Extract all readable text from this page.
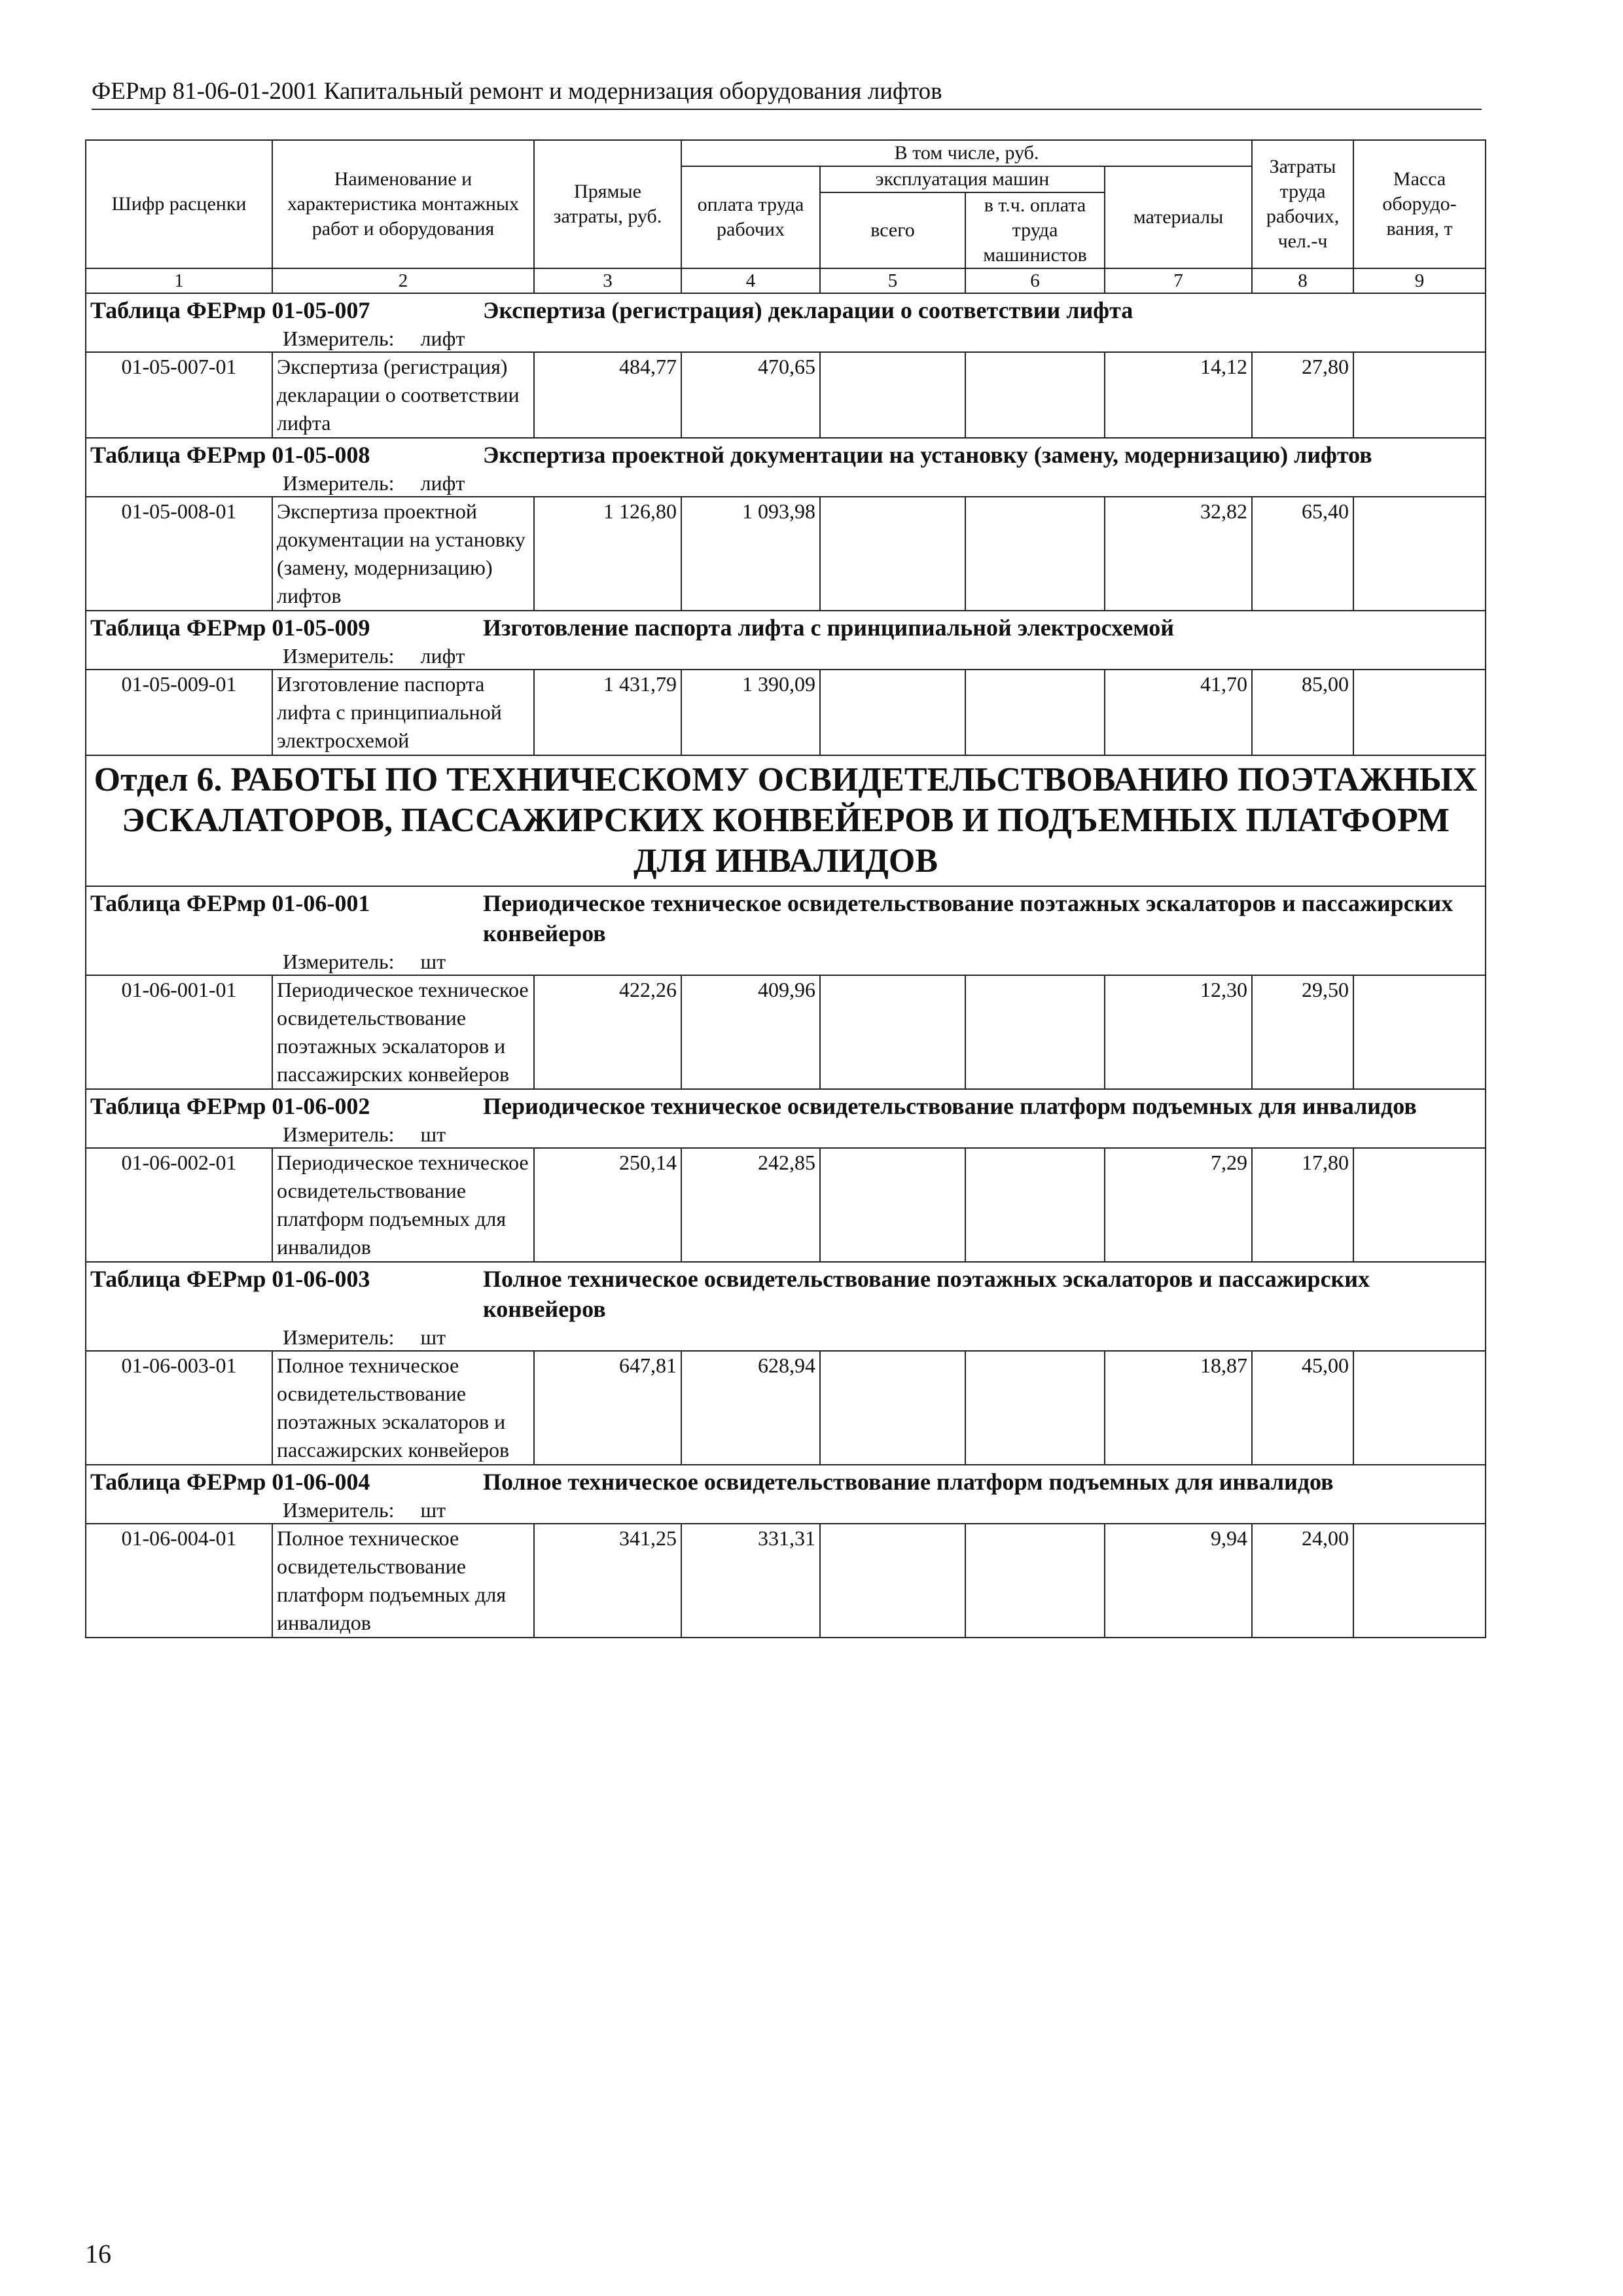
ФЕРмр 81-06-01-2001 Капитальный ремонт и модернизация оборудования лифтов
Шифр расценки	Наименование и характеристика монтажных работ и оборудования	Прямые затраты, руб.	В том числе, руб.				Затраты труда рабочих, чел.-ч	Масса оборудо-вания, т
			оплата труда рабочих	эксплуатация машин		материалы		
				всего	в т.ч. оплата труда машинистов			
1	2	3	4	5	6	7	8	9

Таблица ФЕРмр 01-05-007 Экспертиза (регистрация) декларации о соответствии лифта
Измеритель: лифт								

01-05-007-01	Экспертиза (регистрация) декларации о соответствии лифта	484,77	470,65			14,12	27,80	

Таблица ФЕРмр 01-05-008 Экспертиза проектной документации на установку (замену, модернизацию) лифтов
Измеритель: лифт								

01-05-008-01	Экспертиза проектной документации на установку (замену, модернизацию) лифтов	1 126,80	1 093,98			32,82	65,40	

Таблица ФЕРмр 01-05-009 Изготовление паспорта лифта с принципиальной электросхемой
Измеритель: лифт								

01-05-009-01	Изготовление паспорта лифта с принципиальной электросхемой	1 431,79	1 390,09			41,70	85,00	
Отдел 6. РАБОТЫ ПО ТЕХНИЧЕСКОМУ ОСВИДЕТЕЛЬСТВОВАНИЮ ПОЭТАЖНЫХ ЭСКАЛАТОРОВ, ПАССАЖИРСКИХ КОНВЕЙЕРОВ И ПОДЪЕМНЫХ ПЛАТФОРМ ДЛЯ ИНВАЛИДОВ								

Таблица ФЕРмр 01-06-001 Периодическое техническое освидетельствование поэтажных эскалаторов и пассажирских конвейеров
Измеритель: шт								

01-06-001-01	Периодическое техническое освидетельствование поэтажных эскалаторов и пассажирских конвейеров	422,26	409,96			12,30	29,50	

Таблица ФЕРмр 01-06-002 Периодическое техническое освидетельствование платформ подъемных для инвалидов
Измеритель: шт								

01-06-002-01	Периодическое техническое освидетельствование платформ подъемных для инвалидов	250,14	242,85			7,29	17,80	

Таблица ФЕРмр 01-06-003 Полное техническое освидетельствование поэтажных эскалаторов и пассажирских конвейеров
Измеритель: шт								

01-06-003-01	Полное техническое освидетельствование поэтажных эскалаторов и пассажирских конвейеров	647,81	628,94			18,87	45,00	

Таблица ФЕРмр 01-06-004 Полное техническое освидетельствование платформ подъемных для инвалидов
Измеритель: шт								

01-06-004-01	Полное техническое освидетельствование платформ подъемных для инвалидов	341,25	331,31			9,94	24,00	
16
